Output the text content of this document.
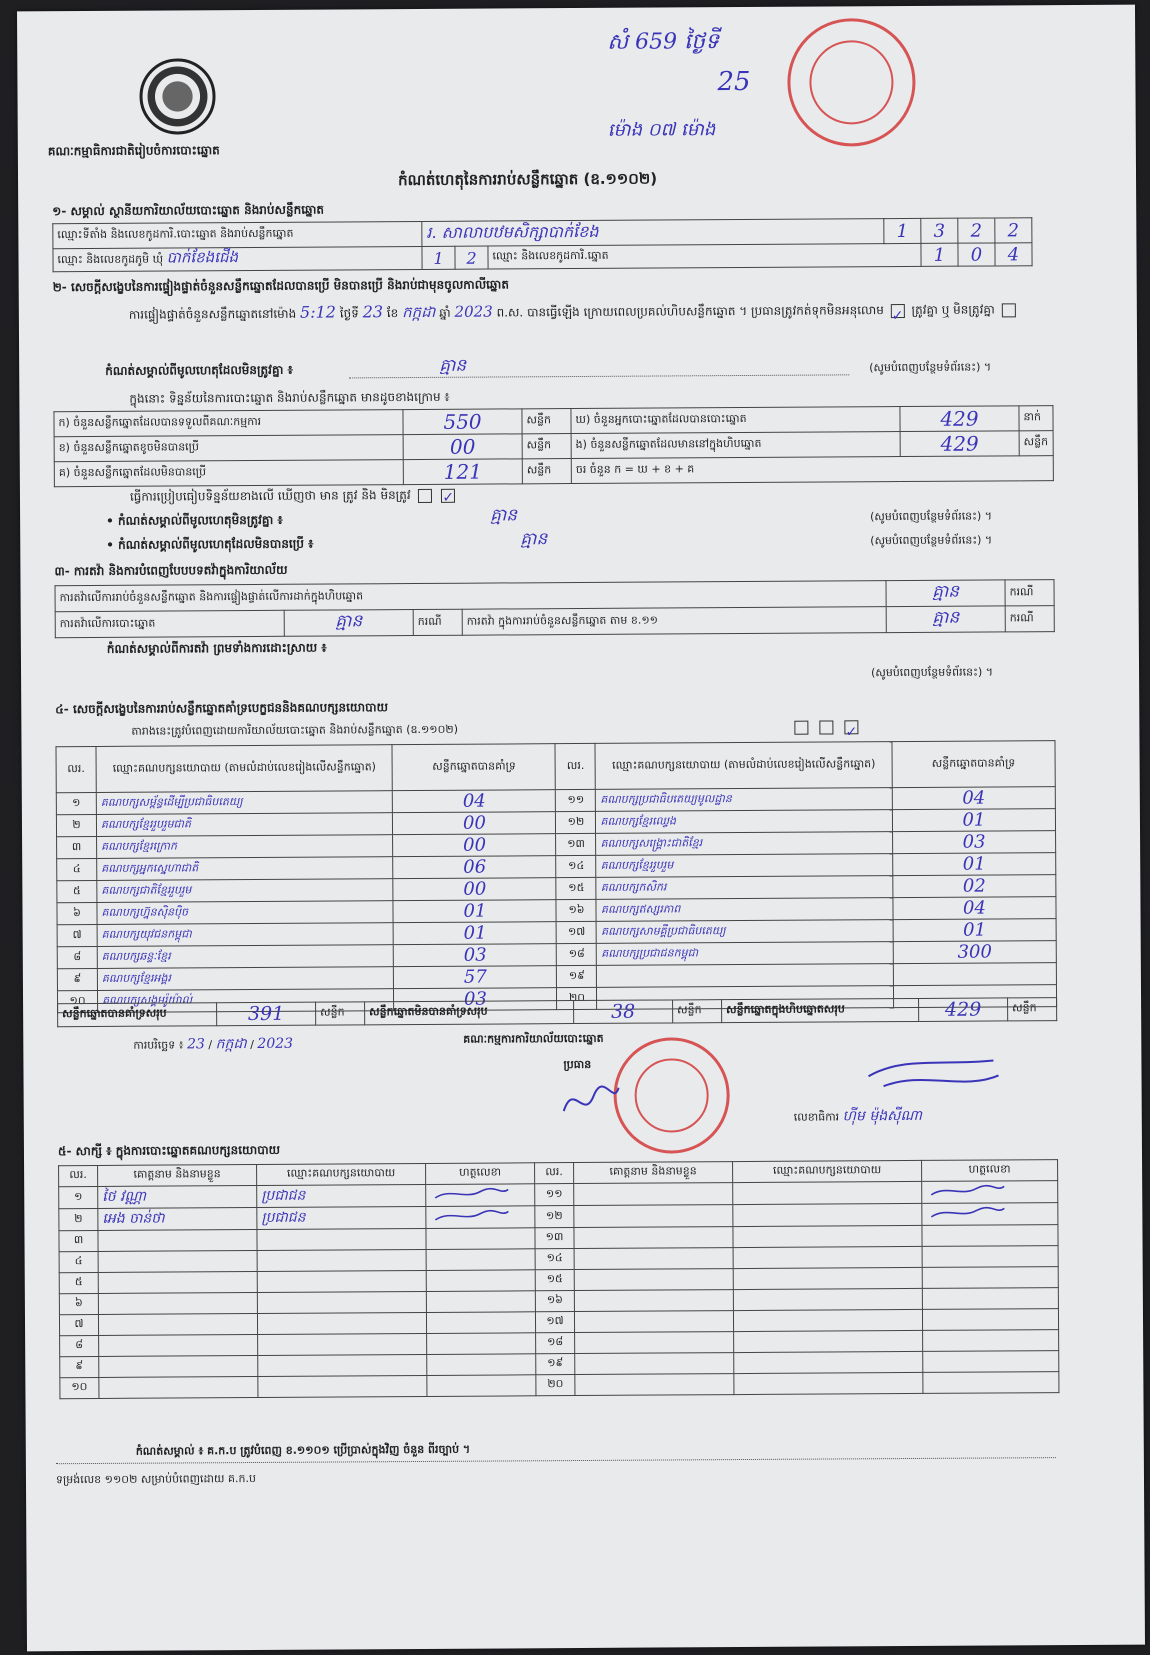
គណៈកម្មាធិការជាតិរៀបចំការបោះឆ្នោត
សំ 659 ថ្ងៃទី
25
ម៉ោង ០៧ ម៉ោង
កំណត់ហេតុនៃការរាប់សន្លឹកឆ្នោត (ឧ.១១០២)
១- សម្គាល់ ស្ថានីយការិយាល័យបោះឆ្នោត និងរាប់សន្លឹកឆ្នោត
ឈ្មោះទីតាំង និងលេខកូដការិ.បោះឆ្នោត និងរាប់សន្លឹកឆ្នោត	រ. សាលាបឋមសិក្សាបាក់ខែង			1	3	2	2
ឈ្មោះ និងលេខកូដភូមិ ឃុំ បាក់ខែងជើង	1	2	ឈ្មោះ និងលេខកូដការិ.ឆ្នោត		1	0	4
២- សេចក្តីសង្ខេបនៃការផ្ទៀងផ្ទាត់ចំនួនសន្លឹកឆ្នោតដែលបានប្រើ មិនបានប្រើ និងរាប់ជាមុនចូលកាលីឆ្នោត
ការផ្ទៀងផ្ទាត់ចំនួនសន្លឹកឆ្នោតនៅម៉ោង 5:12 ថ្ងៃទី 23 ខែ កក្កដា ឆ្នាំ 2023 ព.ស. បានធ្វើឡើង ក្រោយពេលប្រគល់ហិបសន្លឹកឆ្នោត ។ ប្រធានត្រូវកត់ទុកមិនអនុលោម ✓ ត្រូវគ្នា ឬ មិនត្រូវគ្នា
កំណត់សម្គាល់ពីមូលហេតុដែលមិនត្រូវគ្នា ៖	គ្មាន	(សូមបំពេញបន្ថែមទំព័រនេះ) ។
ក្នុងនោះ ទិន្នន័យនៃការបោះឆ្នោត និងរាប់សន្លឹកឆ្នោត មានដូចខាងក្រោម ៖
ក) ចំនួនសន្លឹកឆ្នោតដែលបានទទួលពីគណៈកម្មការ	550	សន្លឹក	ឃ) ចំនួនអ្នកបោះឆ្នោតដែលបានបោះឆ្នោត	429	នាក់
ខ) ចំនួនសន្លឹកឆ្នោតខូចមិនបានប្រើ	00	សន្លឹក	ង) ចំនួនសន្លឹកឆ្នោតដែលមាននៅក្នុងហិបឆ្នោត	429	សន្លឹក
គ) ចំនួនសន្លឹកឆ្នោតដែលមិនបានប្រើ	121	សន្លឹក	ចរ ចំនួន ក = ឃ + ខ + គ		
ធ្វើការប្រៀបធៀបទិន្នន័យខាងលើ ឃើញថា មាន ត្រូវ និង មិនត្រូវ ✓
• កំណត់សម្គាល់ពីមូលហេតុមិនត្រូវគ្នា ៖	គ្មាន	(សូមបំពេញបន្ថែមទំព័រនេះ) ។
• កំណត់សម្គាល់ពីមូលហេតុដែលមិនបានប្រើ ៖	គ្មាន	(សូមបំពេញបន្ថែមទំព័រនេះ) ។
៣- ការតវ៉ា និងការបំពេញបែបបទតវ៉ាក្នុងការិយាល័យ
ការតវ៉ាលើការរាប់ចំនួនសន្លឹកឆ្នោត និងការផ្ទៀងផ្ទាត់លើការដាក់ក្នុងហិបឆ្នោត				គ្មាន	ករណី
ការតវ៉ាលើការបោះឆ្នោត	គ្មាន	ករណី	ការតវ៉ា ក្នុងការរាប់ចំនួនសន្លឹកឆ្នោត តាម ខ.១១	គ្មាន	ករណី
កំណត់សម្គាល់ពីការតវ៉ា ព្រមទាំងការដោះស្រាយ ៖
(សូមបំពេញបន្ថែមទំព័រនេះ) ។
៤- សេចក្តីសង្ខេបនៃការរាប់សន្លឹកឆ្នោតគាំទ្របេក្ខជននិងគណបក្សនយោបាយ
តារាងនេះត្រូវបំពេញដោយការិយាល័យបោះឆ្នោត និងរាប់សន្លឹកឆ្នោត (ឧ.១១០២)	✓
លរ.	ឈ្មោះគណបក្សនយោបាយ (តាមលំដាប់លេខរៀងលើសន្លឹកឆ្នោត)	សន្លឹកឆ្នោតបានគាំទ្រ	លរ.	ឈ្មោះគណបក្សនយោបាយ (តាមលំដាប់លេខរៀងលើសន្លឹកឆ្នោត)	សន្លឹកឆ្នោតបានគាំទ្រ
១	គណបក្សសម្ព័ន្ធដើម្បីប្រជាធិបតេយ្យ	04	១១	គណបក្សប្រជាធិបតេយ្យមូលដ្ឋាន	04
២	គណបក្សខ្មែររួបរួមជាតិ	00	១២	គណបក្សខ្មែរឈ្វេង	01
៣	គណបក្សខ្មែរក្រោក	00	១៣	គណបក្សសង្គ្រោះជាតិខ្មែរ	03
៤	គណបក្សអ្នកស្នេហាជាតិ	06	១៤	គណបក្សខ្មែររួបរួម	01
៥	គណបក្សជាតិខ្មែររួបរួម	00	១៥	គណបក្សកសិករ	02
៦	គណបក្សហ្វ៊ុនស៊ិនប៉ិច	01	១៦	គណបក្សឥស្សរភាព	04
៧	គណបក្សយុវជនកម្ពុជា	01	១៧	គណបក្សសាមគ្គីប្រជាធិបតេយ្យ	01
៨	គណបក្សឆន្ទៈខ្មែរ	03	១៨	គណបក្សប្រជាជនកម្ពុជា	300
៩	គណបក្សខ្មែរអង្គរ	57	១៩		
១០	គណបក្សសង្គមរ៉ូយ៉ាល់	03	២០		
សន្លឹកឆ្នោតបានគាំទ្រសរុប	391	សន្លឹក	សន្លឹកឆ្នោតមិនបានគាំទ្រសរុប	38	សន្លឹក	សន្លឹកឆ្នោតក្នុងហិបឆ្នោតសរុប	429	សន្លឹក
ការបរិច្ឆេទ ៖ 23 / កក្កដា / 2023	គណៈកម្មការការិយាល័យបោះឆ្នោត
ប្រធាន
លេខាធិការ ហ៊ីម ម៉ុងស៊ីណា
៥- សាក្សី ៖ ក្នុងការបោះឆ្នោតគណបក្សនយោបាយ
លរ.	គោត្តនាម និងនាមខ្លួន	ឈ្មោះគណបក្សនយោបាយ	ហត្ថលេខា	លរ.	គោត្តនាម និងនាមខ្លួន	ឈ្មោះគណបក្សនយោបាយ	ហត្ថលេខា
១	ថៃ វណ្ណា	ប្រជាជន		១១			
២	អេង ចាន់ថា	ប្រជាជន		១២			
៣				១៣			
៤				១៤			
៥				១៥			
៦				១៦			
៧				១៧			
៨				១៨			
៩				១៩			
១០				២០			
កំណត់សម្គាល់ ៖ គ.ក.ប ត្រូវបំពេញ ខ.១១០១ ប្រើប្រាស់ក្នុងវិញ ចំនួន ពីរច្បាប់ ។
ទម្រង់លេខ ១១០២ សម្រាប់បំពេញដោយ គ.ក.ប
